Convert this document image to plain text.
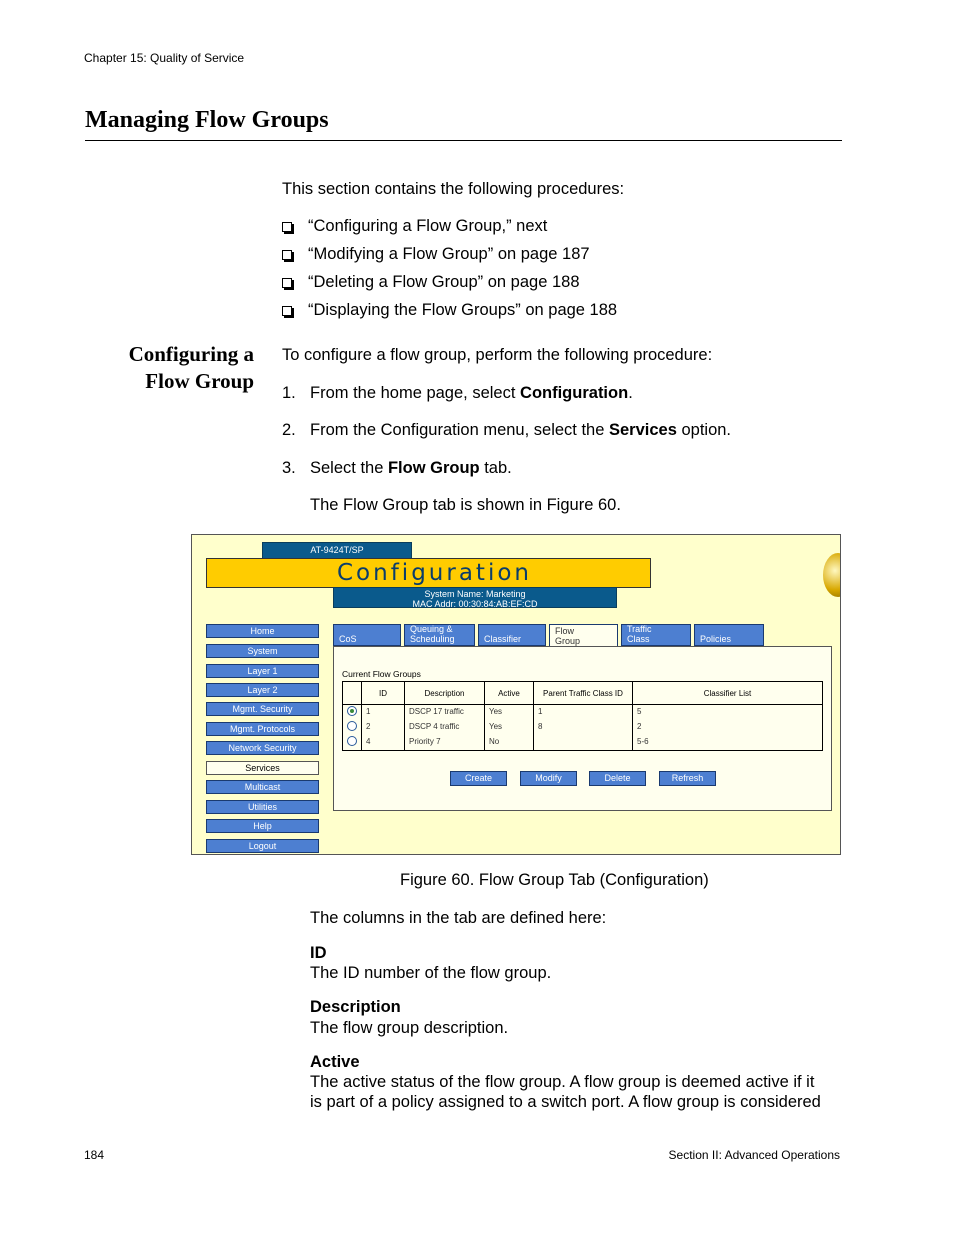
Chapter 15: Quality of Service
Managing Flow Groups
This section contains the following procedures:
“Configuring a Flow Group,” next
“Modifying a Flow Group” on page 187
“Deleting a Flow Group” on page 188
“Displaying the Flow Groups” on page 188
Configuring a
Flow Group
To configure a flow group, perform the following procedure:
1. From the home page, select Configuration.
2. From the Configuration menu, select the Services option.
3. Select the Flow Group tab.
The Flow Group tab is shown in Figure 60.
AT-9424T/SP
Configuration
System Name: Marketing
MAC Addr: 00:30:84:AB:EF:CD
Home
System
Layer 1
Layer 2
Mgmt. Security
Mgmt. Protocols
Network Security
Services
Multicast
Utilities
Help
Logout
CoS
Queuing &
Scheduling	Classifier
Flow
Group
Traffic
Class	Policies
Current Flow Groups
	ID	Description	Active	Parent Traffic Class ID	Classifier List
	1	DSCP 17 traffic	Yes	1	5
	2	DSCP 4 traffic	Yes	8	2
	4	Priority 7	No		5-6
Create	Modify	Delete	Refresh
Figure 60. Flow Group Tab (Configuration)
The columns in the tab are defined here:
ID
The ID number of the flow group.
Description
The flow group description.
Active
The active status of the flow group. A flow group is deemed active if it
is part of a policy assigned to a switch port. A flow group is considered
184	Section II: Advanced Operations
